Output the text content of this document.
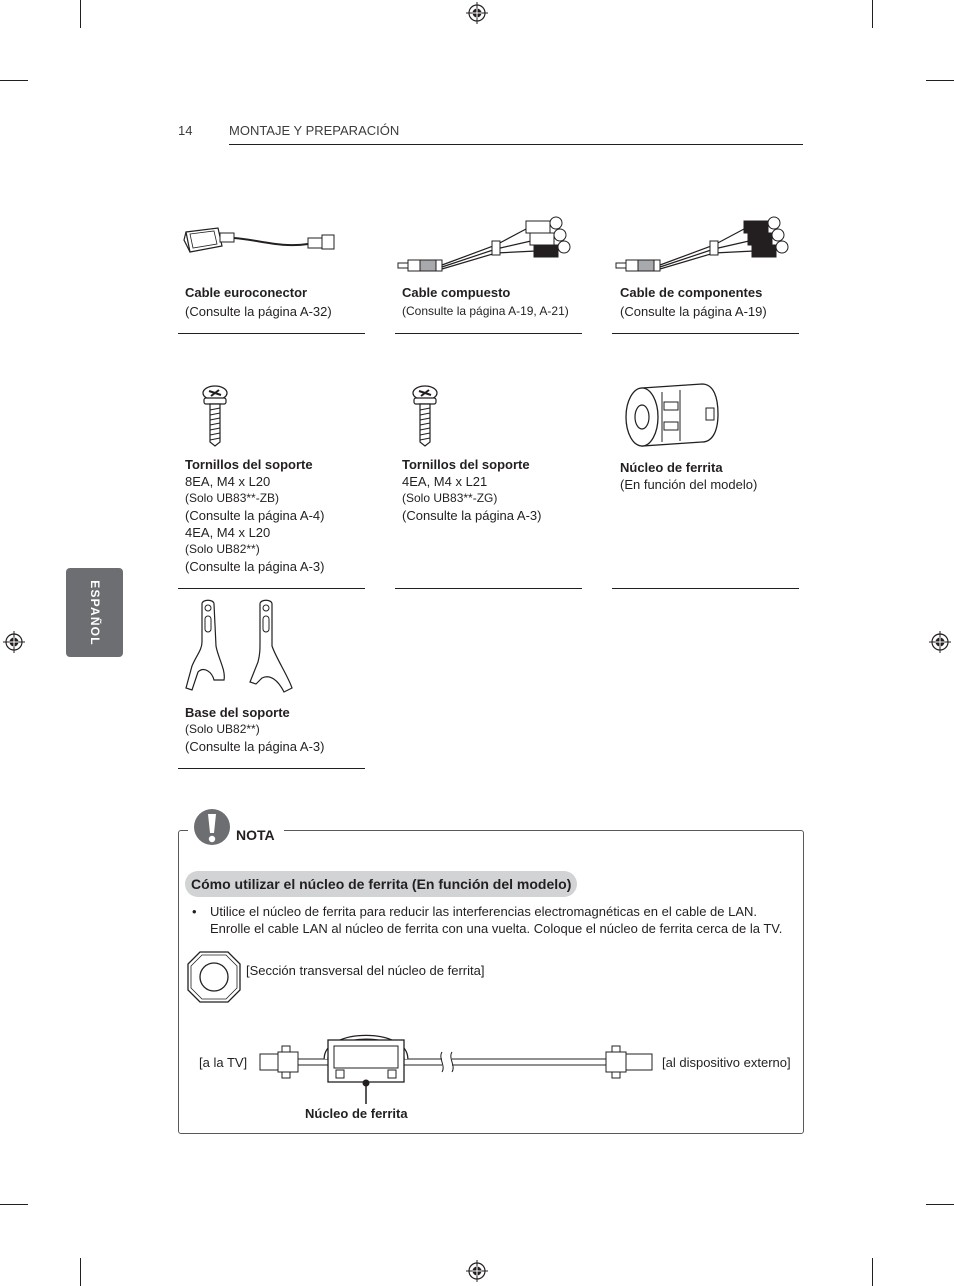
14	MONTAJE Y PREPARACIÓN
ESPAÑOL
Cable euroconector
(Consulte la página A-32)
Cable compuesto
(Consulte la página A-19, A-21)
Cable de componentes
(Consulte la página A-19)
Tornillos del soporte
8EA, M4 x L20
(Solo UB83**-ZB)
(Consulte la página A-4)
4EA, M4 x L20
(Solo UB82**)
(Consulte la página A-3)
Tornillos del soporte
4EA, M4 x L21
(Solo UB83**-ZG)
(Consulte la página A-3)
Núcleo de ferrita
(En función del modelo)
Base del soporte
(Solo UB82**)
(Consulte la página A-3)
NOTA
Cómo utilizar el núcleo de ferrita (En función del modelo)
• Utilice el núcleo de ferrita para reducir las interferencias electromagnéticas en el cable de LAN.
Enrolle el cable LAN al núcleo de ferrita con una vuelta. Coloque el núcleo de ferrita cerca de la TV.
[Sección transversal del núcleo de ferrita]
[a la TV]	[al dispositivo externo]
Núcleo de ferrita
